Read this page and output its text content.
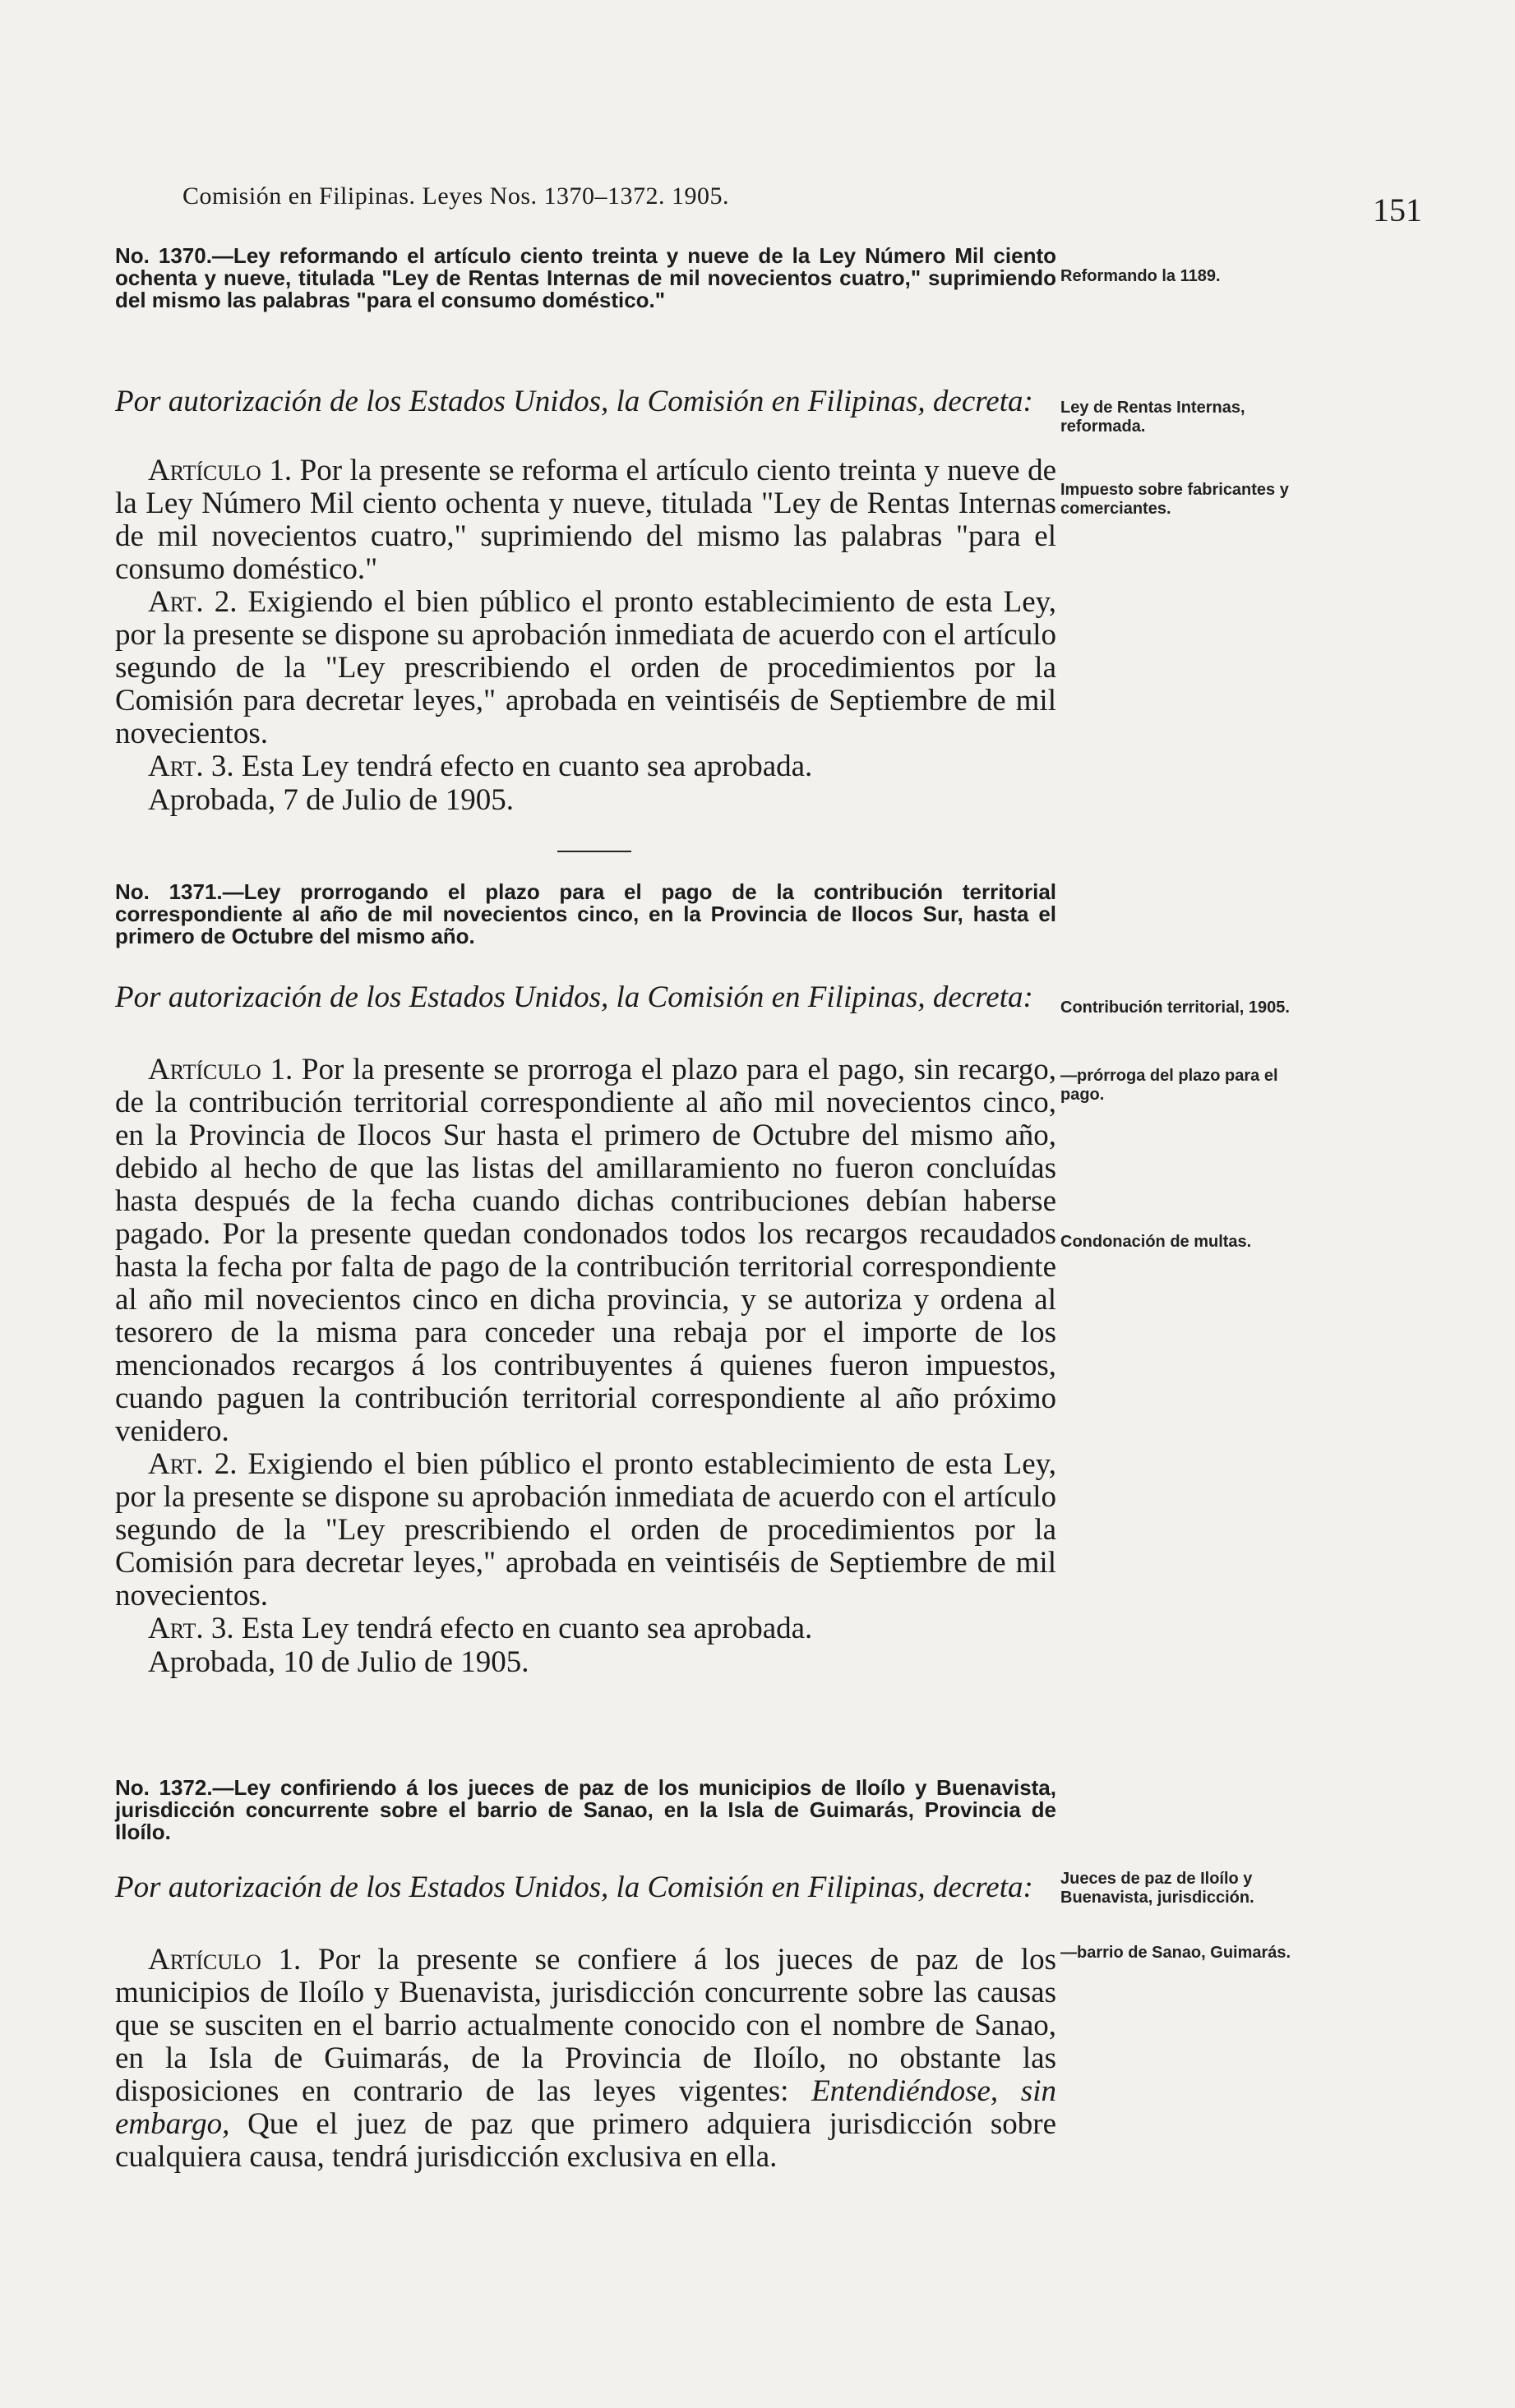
Comisión en Filipinas. Leyes Nos. 1370–1372. 1905.	151
No. 1370.—Ley reformando el artículo ciento treinta y nueve de la Ley Número Mil ciento ochenta y nueve, titulada "Ley de Rentas Internas de mil novecientos cuatro," suprimiendo del mismo las palabras "para el consumo doméstico."
Por autorización de los Estados Unidos, la Comisión en Filipinas, decreta:

Artículo 1. Por la presente se reforma el artículo ciento treinta y nueve de la Ley Número Mil ciento ochenta y nueve, titulada "Ley de Rentas Internas de mil novecientos cuatro," suprimiendo del mismo las palabras "para el consumo doméstico."

Art. 2. Exigiendo el bien público el pronto establecimiento de esta Ley, por la presente se dispone su aprobación inmediata de acuerdo con el artículo segundo de la "Ley prescribiendo el orden de procedimientos por la Comisión para decretar leyes," aprobada en veintiséis de Septiembre de mil novecientos.

Art. 3. Esta Ley tendrá efecto en cuanto sea aprobada.

Aprobada, 7 de Julio de 1905.
Reformando la 1189.
Ley de Rentas Internas, reformada.
Impuesto sobre fabricantes y comerciantes.
No. 1371.—Ley prorrogando el plazo para el pago de la contribución territorial correspondiente al año de mil novecientos cinco, en la Provincia de Ilocos Sur, hasta el primero de Octubre del mismo año.
Por autorización de los Estados Unidos, la Comisión en Filipinas, decreta:

Artículo 1. Por la presente se prorroga el plazo para el pago, sin recargo, de la contribución territorial correspondiente al año mil novecientos cinco, en la Provincia de Ilocos Sur hasta el primero de Octubre del mismo año, debido al hecho de que las listas del amillaramiento no fueron concluídas hasta después de la fecha cuando dichas contribuciones debían haberse pagado. Por la presente quedan condonados todos los recargos recaudados hasta la fecha por falta de pago de la contribución territorial correspondiente al año mil novecientos cinco en dicha provincia, y se autoriza y ordena al tesorero de la misma para conceder una rebaja por el importe de los mencionados recargos á los contribuyentes á quienes fueron impuestos, cuando paguen la contribución territorial correspondiente al año próximo venidero.

Art. 2. Exigiendo el bien público el pronto establecimiento de esta Ley, por la presente se dispone su aprobación inmediata de acuerdo con el artículo segundo de la "Ley prescribiendo el orden de procedimientos por la Comisión para decretar leyes," aprobada en veintiséis de Septiembre de mil novecientos.

Art. 3. Esta Ley tendrá efecto en cuanto sea aprobada.

Aprobada, 10 de Julio de 1905.
Contribución territorial, 1905.
—prórroga del plazo para el pago.
Condonación de multas.
No. 1372.—Ley confiriendo á los jueces de paz de los municipios de Iloílo y Buenavista, jurisdicción concurrente sobre el barrio de Sanao, en la Isla de Guimarás, Provincia de Iloílo.
Por autorización de los Estados Unidos, la Comisión en Filipinas, decreta:

Artículo 1. Por la presente se confiere á los jueces de paz de los municipios de Iloílo y Buenavista, jurisdicción concurrente sobre las causas que se susciten en el barrio actualmente conocido con el nombre de Sanao, en la Isla de Guimarás, de la Provincia de Iloílo, no obstante las disposiciones en contrario de las leyes vigentes: Entendiéndose, sin embargo, Que el juez de paz que primero adquiera jurisdicción sobre cualquiera causa, tendrá jurisdicción exclusiva en ella.

Jueces de paz de Iloílo y Buenavista, jurisdicción.
—barrio de Sanao, Guimarás.
